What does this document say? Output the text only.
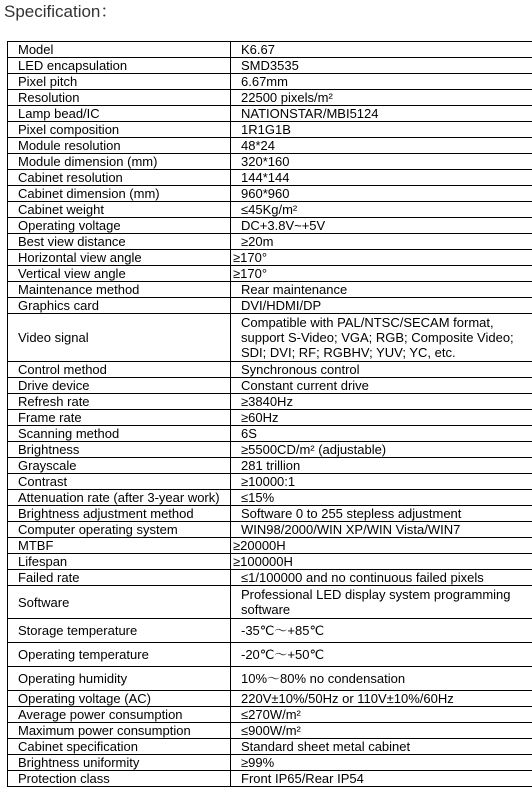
Specification：
Model	K6.67
LED encapsulation	SMD3535
Pixel pitch	6.67mm
Resolution	22500 pixels/m²
Lamp bead/IC	NATIONSTAR/MBI5124
Pixel composition	1R1G1B
Module resolution	48*24
Module dimension (mm)	320*160
Cabinet resolution	144*144
Cabinet dimension (mm)	960*960
Cabinet weight	≤45Kg/m²
Operating voltage	DC+3.8V~+5V
Best view distance	≥20m
Horizontal view angle	≥170°
Vertical view angle	≥170°
Maintenance method	Rear maintenance
Graphics card	DVI/HDMI/DP
Video signal	Compatible with PAL/NTSC/SECAM format, support S-Video; VGA; RGB; Composite Video; SDI; DVI; RF; RGBHV; YUV; YC, etc.
Control method	Synchronous control
Drive device	Constant current drive
Refresh rate	≥3840Hz
Frame rate	≥60Hz
Scanning method	6S
Brightness	≥5500CD/m² (adjustable)
Grayscale	281 trillion
Contrast	≥10000:1
Attenuation rate (after 3-year work)	≤15%
Brightness adjustment method	Software 0 to 255 stepless adjustment
Computer operating system	WIN98/2000/WIN XP/WIN Vista/WIN7
MTBF	≥20000H
Lifespan	≥100000H
Failed rate	≤1/100000 and no continuous failed pixels
Software	Professional LED display system programming software
Storage temperature	-35℃～+85℃
Operating temperature	-20℃～+50℃
Operating humidity	10%～80% no condensation
Operating voltage (AC)	220V±10%/50Hz or 110V±10%/60Hz
Average power consumption	≤270W/m²
Maximum power consumption	≤900W/m²
Cabinet specification	Standard sheet metal cabinet
Brightness uniformity	≥99%
Protection class	Front IP65/Rear IP54
